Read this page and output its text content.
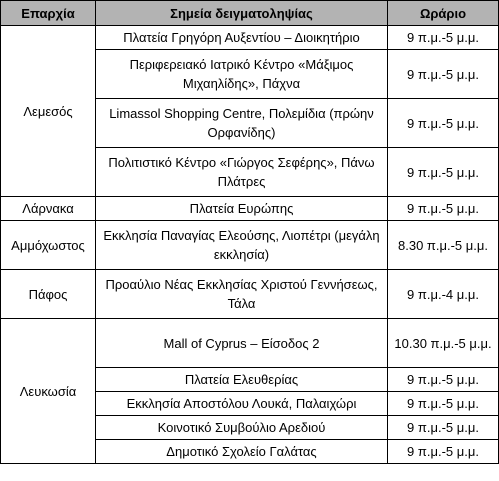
Επαρχία	Σημεία δειγματοληψίας	Ωράριο
Λεμεσός	Πλατεία Γρηγόρη Αυξεντίου – Διοικητήριο	9 π.μ.-5 μ.μ.
	Περιφερειακό Ιατρικό Κέντρο «Μάξιμος Μιχαηλίδης», Πάχνα	9 π.μ.-5 μ.μ.
	Limassol Shopping Centre, Πολεμίδια (πρώην Ορφανίδης)	9 π.μ.-5 μ.μ.
	Πολιτιστικό Κέντρο «Γιώργος Σεφέρης», Πάνω Πλάτρες	9 π.μ.-5 μ.μ.
Λάρνακα	Πλατεία Ευρώπης	9 π.μ.-5 μ.μ.
Αμμόχωστος	Εκκλησία Παναγίας Ελεούσης, Λιοπέτρι (μεγάλη εκκλησία)	8.30 π.μ.-5 μ.μ.
Πάφος	Προαύλιο Νέας Εκκλησίας Χριστού Γεννήσεως, Τάλα	9 π.μ.-4 μ.μ.
Λευκωσία	Mall of Cyprus – Είσοδος 2	10.30 π.μ.-5 μ.μ.
	Πλατεία Ελευθερίας	9 π.μ.-5 μ.μ.
	Εκκλησία Αποστόλου Λουκά, Παλαιχώρι	9 π.μ.-5 μ.μ.
	Κοινοτικό Συμβούλιο Αρεδιού	9 π.μ.-5 μ.μ.
	Δημοτικό Σχολείο Γαλάτας	9 π.μ.-5 μ.μ.
